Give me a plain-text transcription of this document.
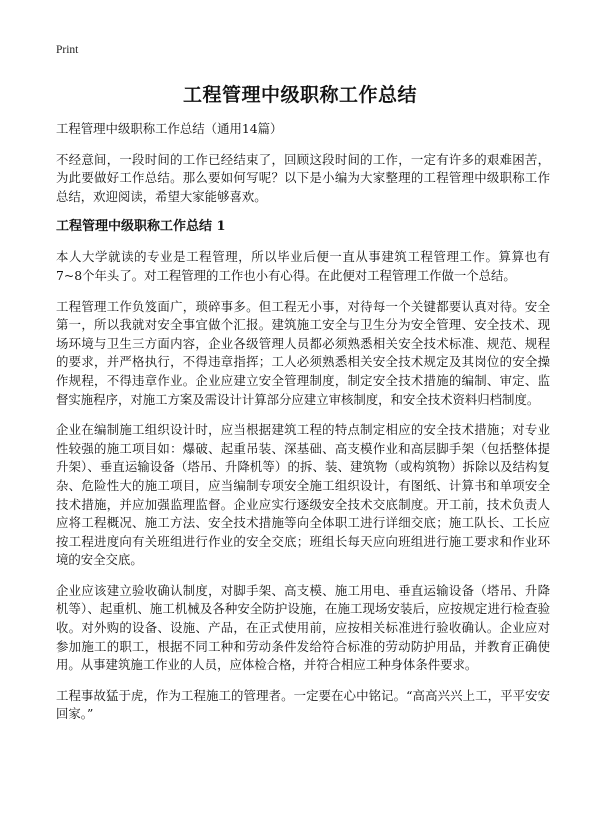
Print
工程管理中级职称工作总结

工程管理中级职称工作总结（通用14篇）

不经意间，一段时间的工作已经结束了，回顾这段时间的工作，一定有许多的艰难困苦，为此要做好工作总结。那么要如何写呢？以下是小编为大家整理的工程管理中级职称工作总结，欢迎阅读，希望大家能够喜欢。

工程管理中级职称工作总结 1

本人大学就读的专业是工程管理，所以毕业后便一直从事建筑工程管理工作。算算也有7~8个年头了。对工程管理的工作也小有心得。在此便对工程管理工作做一个总结。

工程管理工作负笈面广，琐碎事多。但工程无小事，对待每一个关键都要认真对待。安全第一，所以我就对安全事宜做个汇报。建筑施工安全与卫生分为安全管理、安全技术、现场环境与卫生三方面内容，企业各级管理人员都必须熟悉相关安全技术标准、规范、规程的要求，并严格执行，不得违章指挥；工人必须熟悉相关安全技术规定及其岗位的安全操作规程，不得违章作业。企业应建立安全管理制度，制定安全技术措施的编制、审定、监督实施程序，对施工方案及需设计计算部分应建立审核制度，和安全技术资料归档制度。

企业在编制施工组织设计时，应当根据建筑工程的特点制定相应的安全技术措施；对专业性较强的施工项目如：爆破、起重吊装、深基础、高支模作业和高层脚手架（包括整体提升架）、垂直运输设备（塔吊、升降机等）的拆、装、建筑物（或构筑物）拆除以及结构复杂、危险性大的施工项目，应当编制专项安全施工组织设计，有图纸、计算书和单项安全技术措施，并应加强监理监督。企业应实行逐级安全技术交底制度。开工前，技术负责人应将工程概况、施工方法、安全技术措施等向全体职工进行详细交底；施工队长、工长应按工程进度向有关班组进行作业的安全交底；班组长每天应向班组进行施工要求和作业环境的安全交底。

企业应该建立验收确认制度，对脚手架、高支模、施工用电、垂直运输设备（塔吊、升降机等）、起重机、施工机械及各种安全防护设施，在施工现场安装后，应按规定进行检查验收。对外购的设备、设施、产品，在正式使用前，应按相关标准进行验收确认。企业应对参加施工的职工，根据不同工种和劳动条件发给符合标准的劳动防护用品，并教育正确使用。从事建筑施工作业的人员，应体检合格，并符合相应工种身体条件要求。

工程事故猛于虎，作为工程施工的管理者。一定要在心中铭记。“高高兴兴上工，平平安安回家。”
